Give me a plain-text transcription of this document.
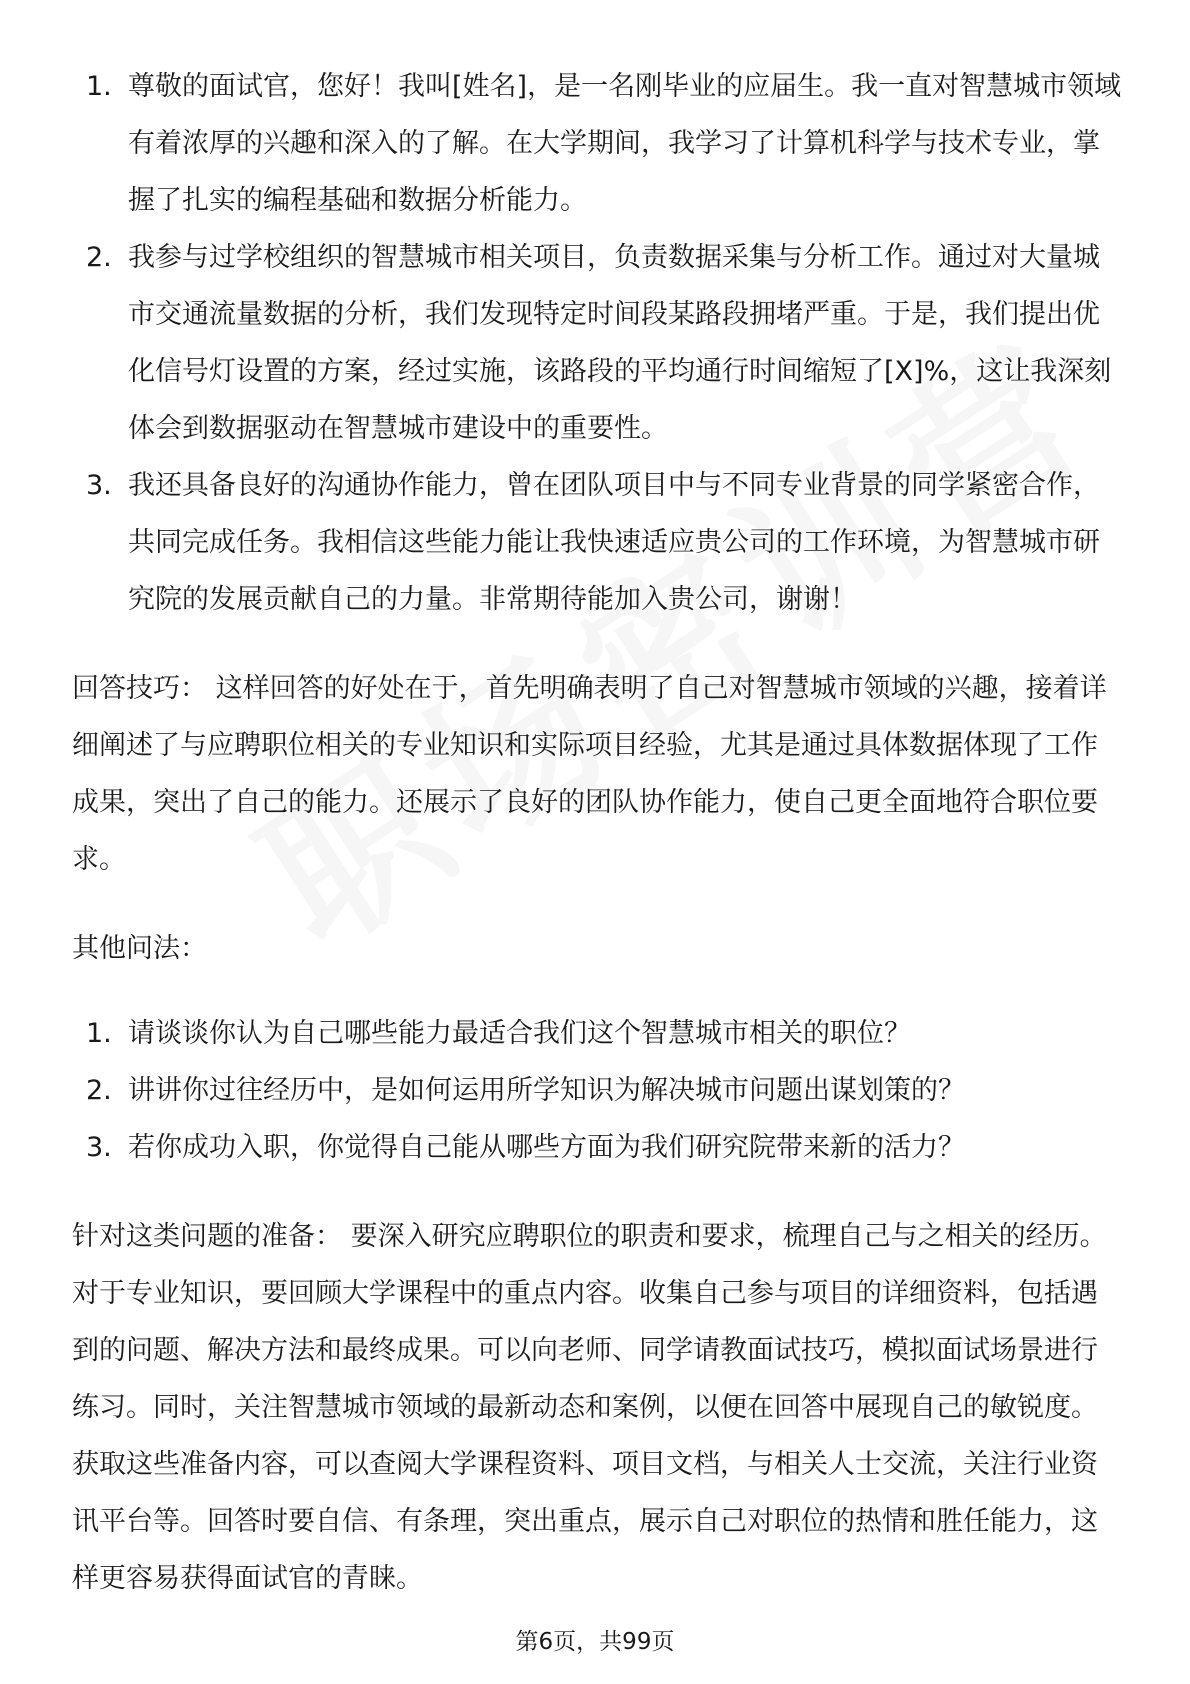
1. 尊敬的面试官，您好！我叫[姓名]，是一名刚毕业的应届生。我一直对智慧城市领域有着浓厚的兴趣和深入的了解。在大学期间，我学习了计算机科学与技术专业，掌握了扎实的编程基础和数据分析能力。
2. 我参与过学校组织的智慧城市相关项目，负责数据采集与分析工作。通过对大量城市交通流量数据的分析，我们发现特定时间段某路段拥堵严重。于是，我们提出优化信号灯设置的方案，经过实施，该路段的平均通行时间缩短了[X]%，这让我深刻体会到数据驱动在智慧城市建设中的重要性。
3. 我还具备良好的沟通协作能力，曾在团队项目中与不同专业背景的同学紧密合作，共同完成任务。我相信这些能力能让我快速适应贵公司的工作环境，为智慧城市研究院的发展贡献自己的力量。非常期待能加入贵公司，谢谢！

回答技巧： 这样回答的好处在于，首先明确表明了自己对智慧城市领域的兴趣，接着详细阐述了与应聘职位相关的专业知识和实际项目经验，尤其是通过具体数据体现了工作成果，突出了自己的能力。还展示了良好的团队协作能力，使自己更全面地符合职位要求。

其他问法：

1. 请谈谈你认为自己哪些能力最适合我们这个智慧城市相关的职位？
2. 讲讲你过往经历中，是如何运用所学知识为解决城市问题出谋划策的？
3. 若你成功入职，你觉得自己能从哪些方面为我们研究院带来新的活力？

针对这类问题的准备： 要深入研究应聘职位的职责和要求，梳理自己与之相关的经历。对于专业知识，要回顾大学课程中的重点内容。收集自己参与项目的详细资料，包括遇到的问题、解决方法和最终成果。可以向老师、同学请教面试技巧，模拟面试场景进行练习。同时，关注智慧城市领域的最新动态和案例，以便在回答中展现自己的敏锐度。获取这些准备内容，可以查阅大学课程资料、项目文档，与相关人士交流，关注行业资讯平台等。回答时要自信、有条理，突出重点，展示自己对职位的热情和胜任能力，这样更容易获得面试官的青睐。

第6页，共99页
